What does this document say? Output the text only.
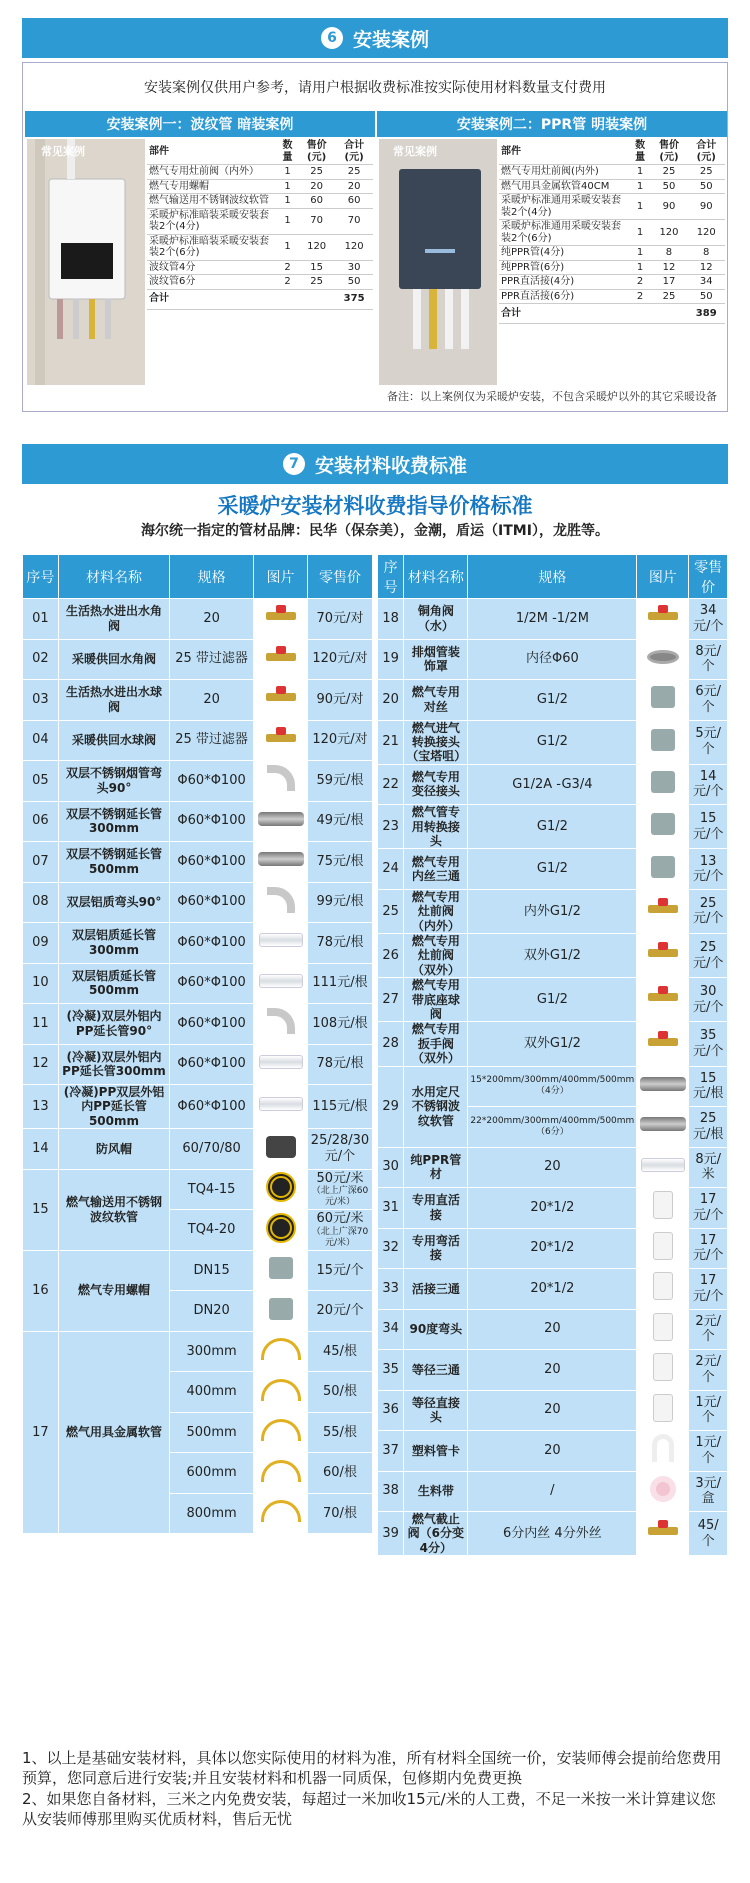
6 安装案例
安装案例仅供用户参考，请用户根据收费标准按实际使用材料数量支付费用
安装案例一：波纹管 暗装案例
常见案例	部件	数量	售价(元)	合计(元)
燃气专用灶前阀（内外）	1	25	25
燃气专用螺帽	1	20	20
燃气输送用不锈钢波纹软管	1	60	60
采暖炉标准暗装采暖安装套装2个(4分)	1	70	70
采暖炉标准暗装采暖安装套装2个(6分)	1	120	120
波纹管4分	2	15	30
波纹管6分	2	25	50
合计			375
安装案例二：PPR管 明装案例
常见案例	部件	数量	售价(元)	合计(元)
燃气专用灶前阀(内外)	1	25	25
燃气用具金属软管40CM	1	50	50
采暖炉标准通用采暖安装套装2个(4分)	1	90	90
采暖炉标准通用采暖安装套装2个(6分)	1	120	120
纯PPR管(4分)	1	8	8
纯PPR管(6分)	1	12	12
PPR直活接(4分)	2	17	34
PPR直活接(6分)	2	25	50
合计			389
备注：以上案例仅为采暖炉安装，不包含采暖炉以外的其它采暖设备
7 安装材料收费标准
采暖炉安装材料收费指导价格标准
海尔统一指定的管材品牌：民华（保奈美），金潮，盾运（ITMI），龙胜等。
序号	材料名称	规格	图片	零售价
01	生活热水进出水角阀	20		70元/对
02	采暖供回水角阀	25 带过滤器		120元/对
03	生活热水进出水球阀	20		90元/对
04	采暖供回水球阀	25 带过滤器		120元/对
05	双层不锈钢烟管弯头90°	Φ60*Φ100		59元/根
06	双层不锈钢延长管300mm	Φ60*Φ100		49元/根
07	双层不锈钢延长管500mm	Φ60*Φ100		75元/根
08	双层铝质弯头90°	Φ60*Φ100		99元/根
09	双层铝质延长管300mm	Φ60*Φ100		78元/根
10	双层铝质延长管500mm	Φ60*Φ100		111元/根
11	(冷凝)双层外铝内PP延长管90°	Φ60*Φ100		108元/根
12	(冷凝)双层外铝内PP延长管300mm	Φ60*Φ100		78元/根
13	(冷凝)PP双层外铝内PP延长管500mm	Φ60*Φ100		115元/根
14	防风帽	60/70/80		25/28/30元/个
15	燃气输送用不锈钢波纹软管	TQ4-15		50元/米
（北上广深60元/米）

		TQ4-20		60元/米
（北上广深70元/米）

16	燃气专用螺帽	DN15		15元/个

		DN20		20元/个

17	燃气用具金属软管	300mm		45/根

		400mm		50/根

		500mm		55/根

		600mm		60/根

		800mm		70/根
序号	材料名称	规格	图片	零售价
18	铜角阀（水）	1/2M -1/2M		34元/个
19	排烟管装饰罩	内径Φ60		8元/个
20	燃气专用对丝	G1/2		6元/个
21	燃气进气转换接头（宝塔咀）	G1/2		5元/个
22	燃气专用变径接头	G1/2A -G3/4		14元/个
23	燃气管专用转换接头	G1/2		15元/个
24	燃气专用内丝三通	G1/2		13元/个
25	燃气专用灶前阀（内外）	内外G1/2		25元/个
26	燃气专用灶前阀（双外）	双外G1/2		25元/个
27	燃气专用带底座球阀	G1/2		30元/个
28	燃气专用扳手阀（双外）	双外G1/2		35元/个
29	水用定尺不锈钢波纹软管	15*200mm/300mm/400mm/500mm（4分）		15元/根
		22*200mm/300mm/400mm/500mm（6分）		25元/根
30	纯PPR管材	20		8元/米
31	专用直活接	20*1/2		17元/个
32	专用弯活接	20*1/2		17元/个
33	活接三通	20*1/2		17元/个
34	90度弯头	20		2元/个
35	等径三通	20		2元/个
36	等径直接头	20		1元/个
37	塑料管卡	20		1元/个
38	生料带	/		3元/盒
39	燃气截止阀（6分变4分）	6分内丝 4分外丝		45/个

1、以上是基础安装材料，具体以您实际使用的材料为准，所有材料全国统一价，安装师傅会提前给您费用预算，您同意后进行安装;并且安装材料和机器一同质保，包修期内免费更换

2、如果您自备材料，三米之内免费安装，每超过一米加收15元/米的人工费，不足一米按一米计算建议您从安装师傅那里购买优质材料，售后无忧
